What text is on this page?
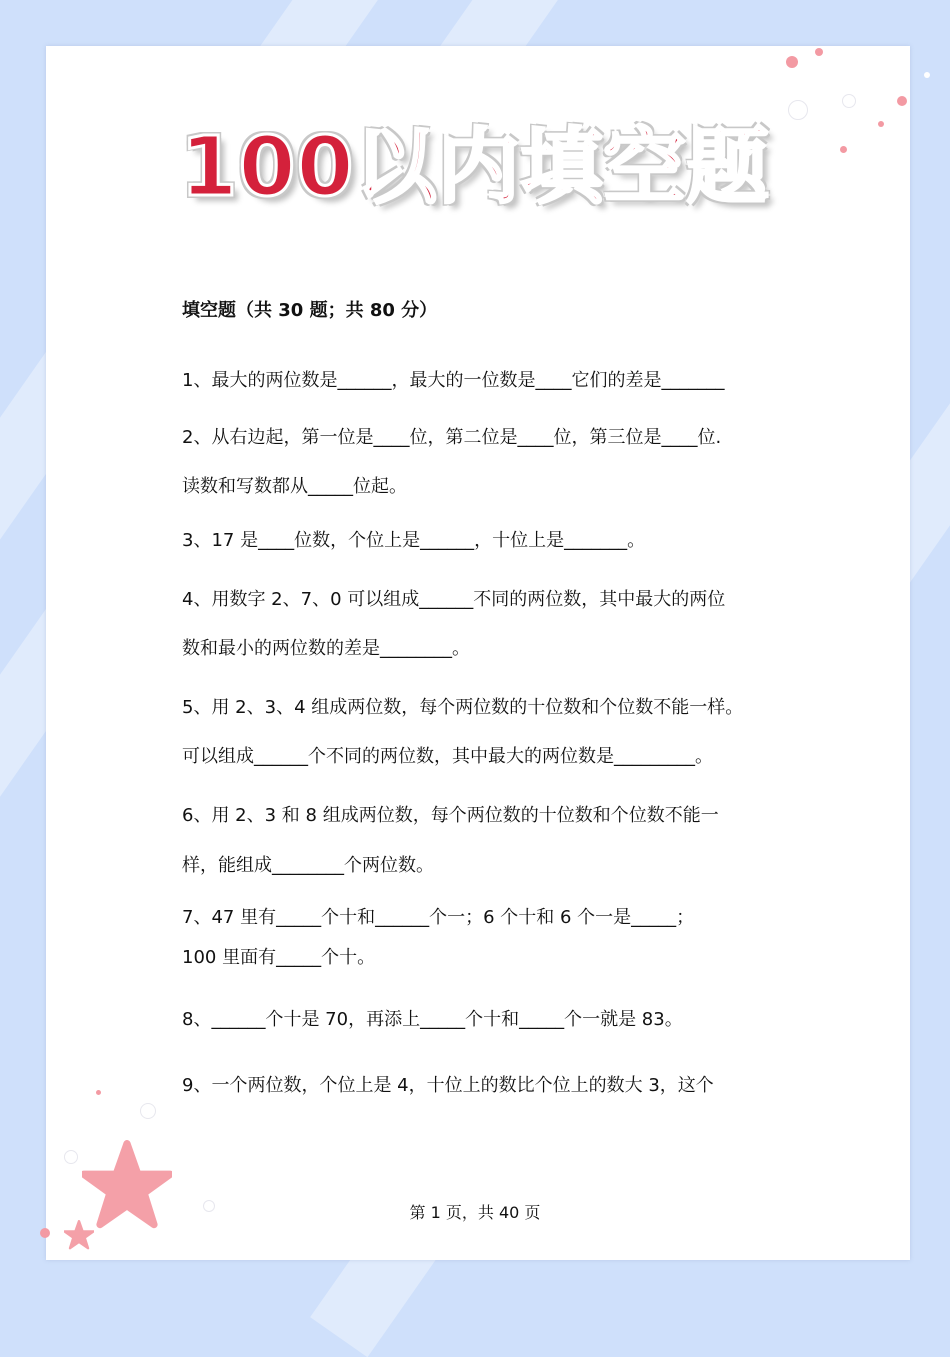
100以内填空题
填空题（共 30 题；共 80 分）
1、最大的两位数是______，最大的一位数是____它们的差是_______
2、从右边起，第一位是____位，第二位是____位，第三位是____位.
读数和写数都从_____位起。
3、17 是____位数，个位上是______，十位上是_______。
4、用数字 2、7、0 可以组成______不同的两位数，其中最大的两位
数和最小的两位数的差是________。
5、用 2、3、4 组成两位数，每个两位数的十位数和个位数不能一样。
可以组成______个不同的两位数，其中最大的两位数是_________。
6、用 2、3 和 8 组成两位数，每个两位数的十位数和个位数不能一
样，能组成________个两位数。
7、47 里有_____个十和______个一；6 个十和 6 个一是_____；
100 里面有_____个十。
8、______个十是 70，再添上_____个十和_____个一就是 83。
9、一个两位数，个位上是 4，十位上的数比个位上的数大 3，这个
第 1 页，共 40 页
